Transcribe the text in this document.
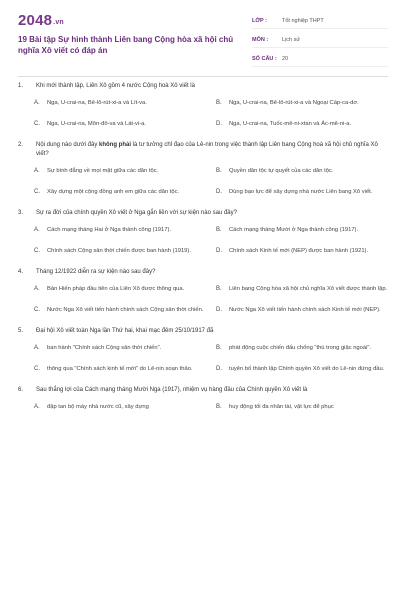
2048.vn
19 Bài tập Sự hình thành Liên bang Cộng hòa xã hội chủ nghĩa Xô viết có đáp án
LỚP :	Tốt nghiệp THPT
MÔN :	Lịch sử
SỐ CÂU : 20
1.	Khi mới thành lập, Liên Xô gồm 4 nước Cộng hoà Xô viết là
A.	Nga, U-crai-na, Bê-lô-rút-xi-a và Lít-va.	B.	Nga, U-crai-na, Bê-lô-rút-xi-a và Ngoại Cáp-ca-dơ.
C.	Nga, U-crai-na, Môn-đô-va và Lát-vi-a.	D.	Nga, U-crai-na, Tuốc-mê-ni-xtan và Ác-mê-ni-a.
2.	Nội dung nào dưới đây không phải là tư tưởng chỉ đạo của Lê-nin trong việc thành lập Liên bang Cộng hoà xã hội chủ nghĩa Xô viết?
A.	Sự bình đẳng về mọi mặt giữa các dân tộc.	B.	Quyền dân tộc tự quyết của các dân tộc.
C.	Xây dựng một cộng đồng anh em giữa các dân tộc.	D.	Dùng bạo lực để xây dựng nhà nước Liên bang Xô viết.
3.	Sự ra đời của chính quyền Xô viết ở Nga gắn liền với sự kiện nào sau đây?
A.	Cách mạng tháng Hai ở Nga thành công (1917).	B.	Cách mạng tháng Mười ở Nga thành công (1917).
C.	Chính sách Cộng sản thời chiến được ban hành (1919).	D.	Chính sách Kinh tế mới (NEP) được ban hành (1921).
4.	Tháng 12/1922 diễn ra sự kiện nào sau đây?
A.	Bản Hiến pháp đầu tiên của Liên Xô được thông qua.	B.	Liên bang Cộng hòa xã hội chủ nghĩa Xô viết được thành lập.
C.	Nước Nga Xô viết tiến hành chính sách Cộng sản thời chiến.	D.	Nước Nga Xô viết tiến hành chính sách Kinh tế mới (NEP).
5.	Đại hội Xô viết toàn Nga lần Thứ hai, khai mạc đêm 25/10/1917 đã
A.	ban hành "Chính sách Cộng sản thời chiến".	B.	phát động cuộc chiến đấu chống "thù trong giặc ngoài".
C.	thông qua "Chính sách kinh tế mới" do Lê-nin soạn thảo.	D.	tuyên bố thành lập Chính quyền Xô viết do Lê-nin đứng đầu.
6.	Sau thắng lợi của Cách mạng tháng Mười Nga (1917), nhiệm vụ hàng đầu của Chính quyền Xô viết là
A.	đập tan bộ máy nhà nước cũ, xây dựng	B.	huy động tối đa nhân tài, vật lực để phục
